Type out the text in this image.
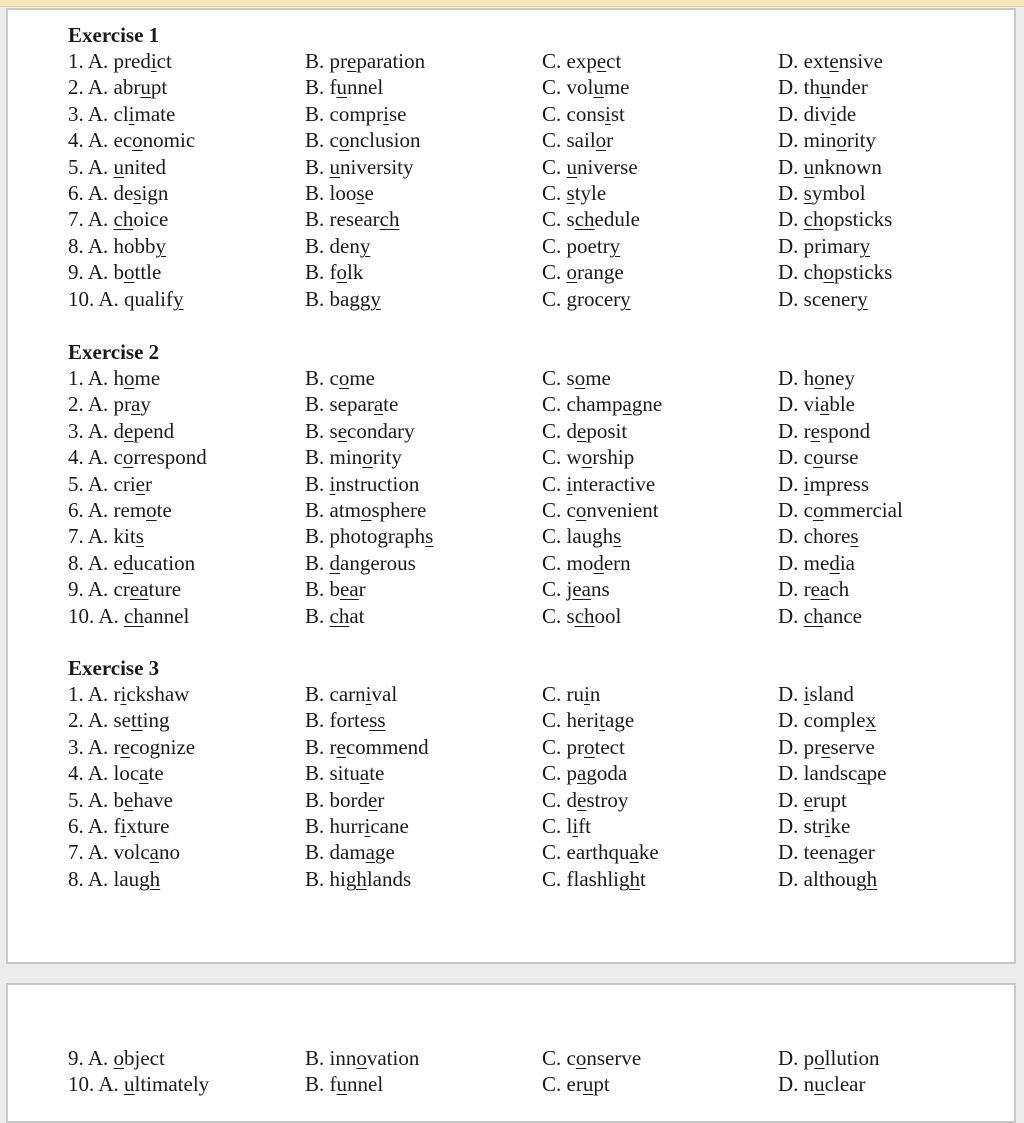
Exercise 1
1. A. predict	B. preparation	C. expect	D. extensive
2. A. abrupt	B. funnel	C. volume	D. thunder
3. A. climate	B. comprise	C. consist	D. divide
4. A. economic	B. conclusion	C. sailor	D. minority
5. A. united	B. university	C. universe	D. unknown
6. A. design	B. loose	C. style	D. symbol
7. A. choice	B. research	C. schedule	D. chopsticks
8. A. hobby	B. deny	C. poetry	D. primary
9. A. bottle	B. folk	C. orange	D. chopsticks
10. A. qualify	B. baggy	C. grocery	D. scenery
Exercise 2
1. A. home	B. come	C. some	D. honey
2. A. pray	B. separate	C. champagne	D. viable
3. A. depend	B. secondary	C. deposit	D. respond
4. A. correspond	B. minority	C. worship	D. course
5. A. crier	B. instruction	C. interactive	D. impress
6. A. remote	B. atmosphere	C. convenient	D. commercial
7. A. kits	B. photographs	C. laughs	D. chores
8. A. education	B. dangerous	C. modern	D. media
9. A. creature	B. bear	C. jeans	D. reach
10. A. channel	B. chat	C. school	D. chance
Exercise 3
1. A. rickshaw	B. carnival	C. ruin	D. island
2. A. setting	B. fortess	C. heritage	D. complex
3. A. recognize	B. recommend	C. protect	D. preserve
4. A. locate	B. situate	C. pagoda	D. landscape
5. A. behave	B. border	C. destroy	D. erupt
6. A. fixture	B. hurricane	C. lift	D. strike
7. A. volcano	B. damage	C. earthquake	D. teenager
8. A. laugh	B. highlands	C. flashlight	D. although
9. A. object	B. innovation	C. conserve	D. pollution
10. A. ultimately	B. funnel	C. erupt	D. nuclear
